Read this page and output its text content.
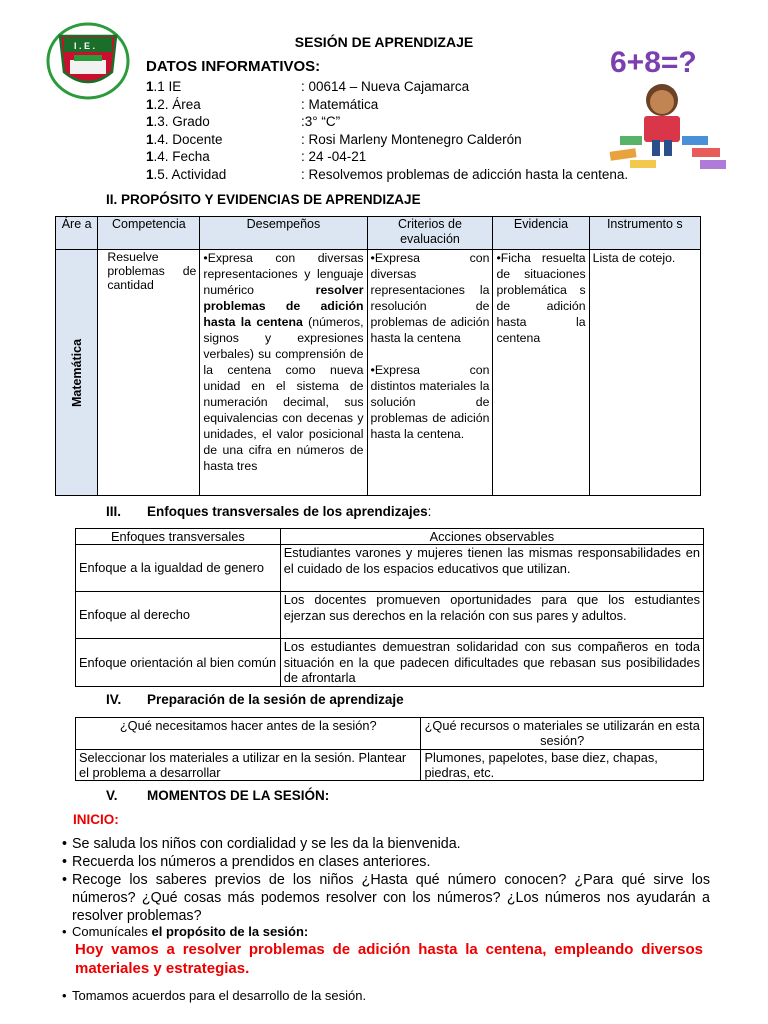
I . E .	6+8=?
SESIÓN DE APRENDIZAJE
DATOS INFORMATIVOS:
1.1 IE	: 00614 – Nueva Cajamarca
1.2. Área	: Matemática
1.3. Grado	:3° “C”
1.4. Docente	: Rosi Marleny Montenegro Calderón
1.4. Fecha	: 24 -04-21
1.5. Actividad	: Resolvemos problemas de adicción hasta la centena.
II. PROPÓSITO Y EVIDENCIAS DE APRENDIZAJE
Áre a	Competencia	Desempeños	Criterios de evaluación	Evidencia	Instrumento s

Matemática	Resuelve problemas de cantidad	•Expresa con diversas representaciones y lenguaje numérico resolver problemas de adición hasta la centena (números, signos y expresiones verbales) su comprensión de la centena como nueva unidad en el sistema de numeración decimal, sus equivalencias con decenas y unidades, el valor posicional de una cifra en números de hasta tres	•Expresa con diversas representaciones la resolución de problemas de adición hasta la centena
•Expresa con distintos materiales la solución de problemas de adición hasta la centena.	•Ficha resuelta de situaciones problemática s de adición hasta la centena	Lista de cotejo.
III. Enfoques transversales de los aprendizajes:
Enfoques transversales	Acciones observables
Enfoque a la igualdad de genero	Estudiantes varones y mujeres tienen las mismas responsabilidades en el cuidado de los espacios educativos que utilizan.
Enfoque al derecho	Los docentes promueven oportunidades para que los estudiantes ejerzan sus derechos en la relación con sus pares y adultos.
Enfoque orientación al bien común	Los estudiantes demuestran solidaridad con sus compañeros en toda situación en la que padecen dificultades que rebasan sus posibilidades de afrontarla
IV. Preparación de la sesión de aprendizaje
¿Qué necesitamos hacer antes de la sesión?	¿Qué recursos o materiales se utilizarán en esta sesión?
Seleccionar los materiales a utilizar en la sesión. Plantear el problema a desarrollar	Plumones, papelotes, base diez, chapas, piedras, etc.
V. MOMENTOS DE LA SESIÓN:
INICIO:
• Se saluda los niños con cordialidad y se les da la bienvenida.
• Recuerda los números a prendidos en clases anteriores.
• Recoge los saberes previos de los niños ¿Hasta qué número conocen? ¿Para qué sirve los números? ¿Qué cosas más podemos resolver con los números? ¿Los números nos ayudarán a resolver problemas?
• Comunícales el propósito de la sesión:
Hoy vamos a resolver problemas de adición hasta la centena, empleando diversos materiales y estrategias.
• Tomamos acuerdos para el desarrollo de la sesión.
